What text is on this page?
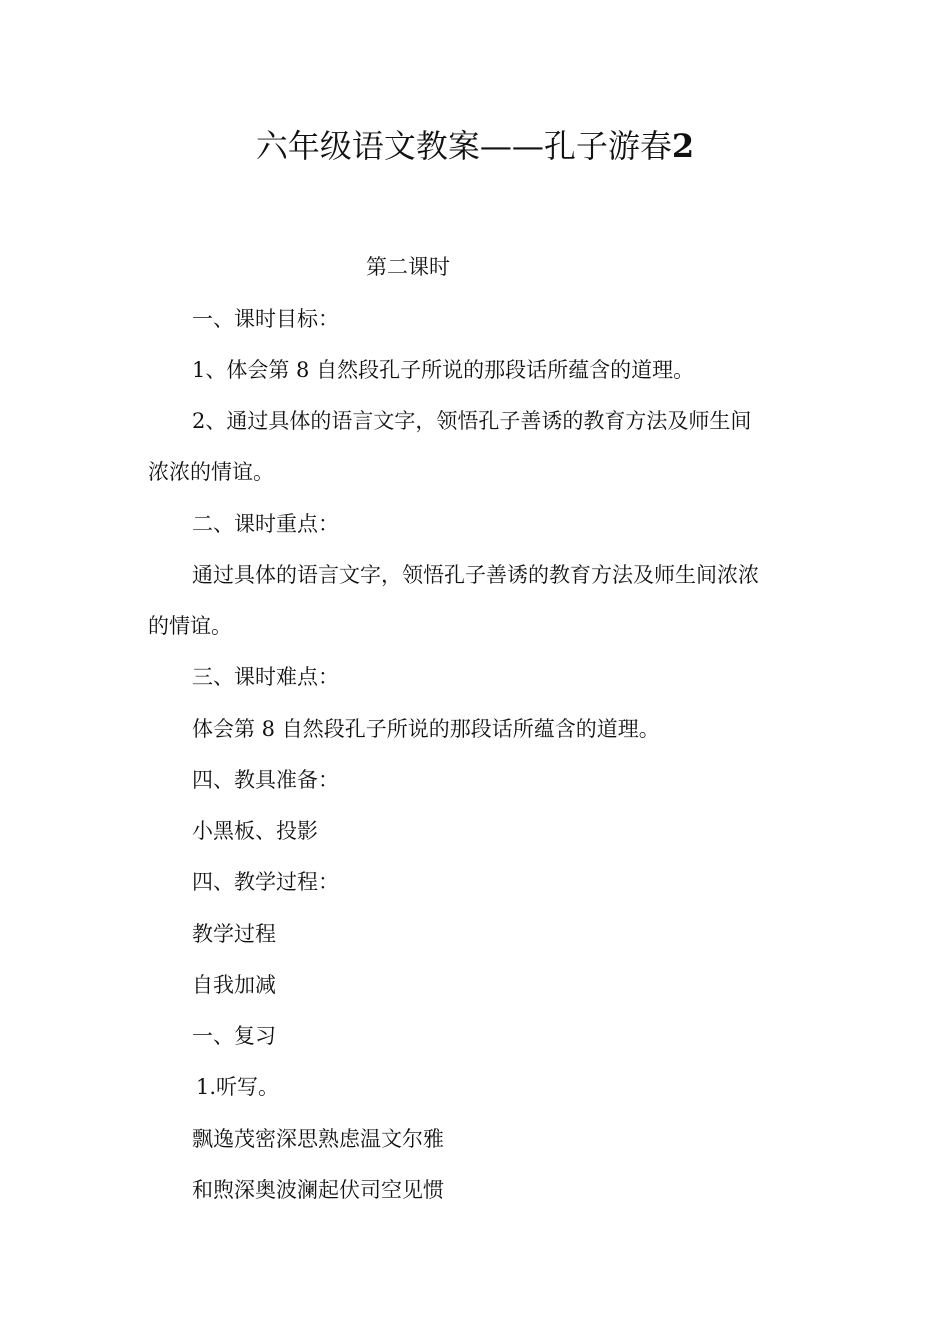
六年级语文教案——孔子游春2
第二课时
一、课时目标：
1、体会第 8 自然段孔子所说的那段话所蕴含的道理。
2、通过具体的语言文字，领悟孔子善诱的教育方法及师生间
浓浓的情谊。
二、课时重点：
通过具体的语言文字，领悟孔子善诱的教育方法及师生间浓浓
的情谊。
三、课时难点：
体会第 8 自然段孔子所说的那段话所蕴含的道理。
四、教具准备：
小黑板、投影
四、教学过程：
教学过程
自我加减
一、复习
1.听写。
飘逸茂密深思熟虑温文尔雅
和煦深奥波澜起伏司空见惯
